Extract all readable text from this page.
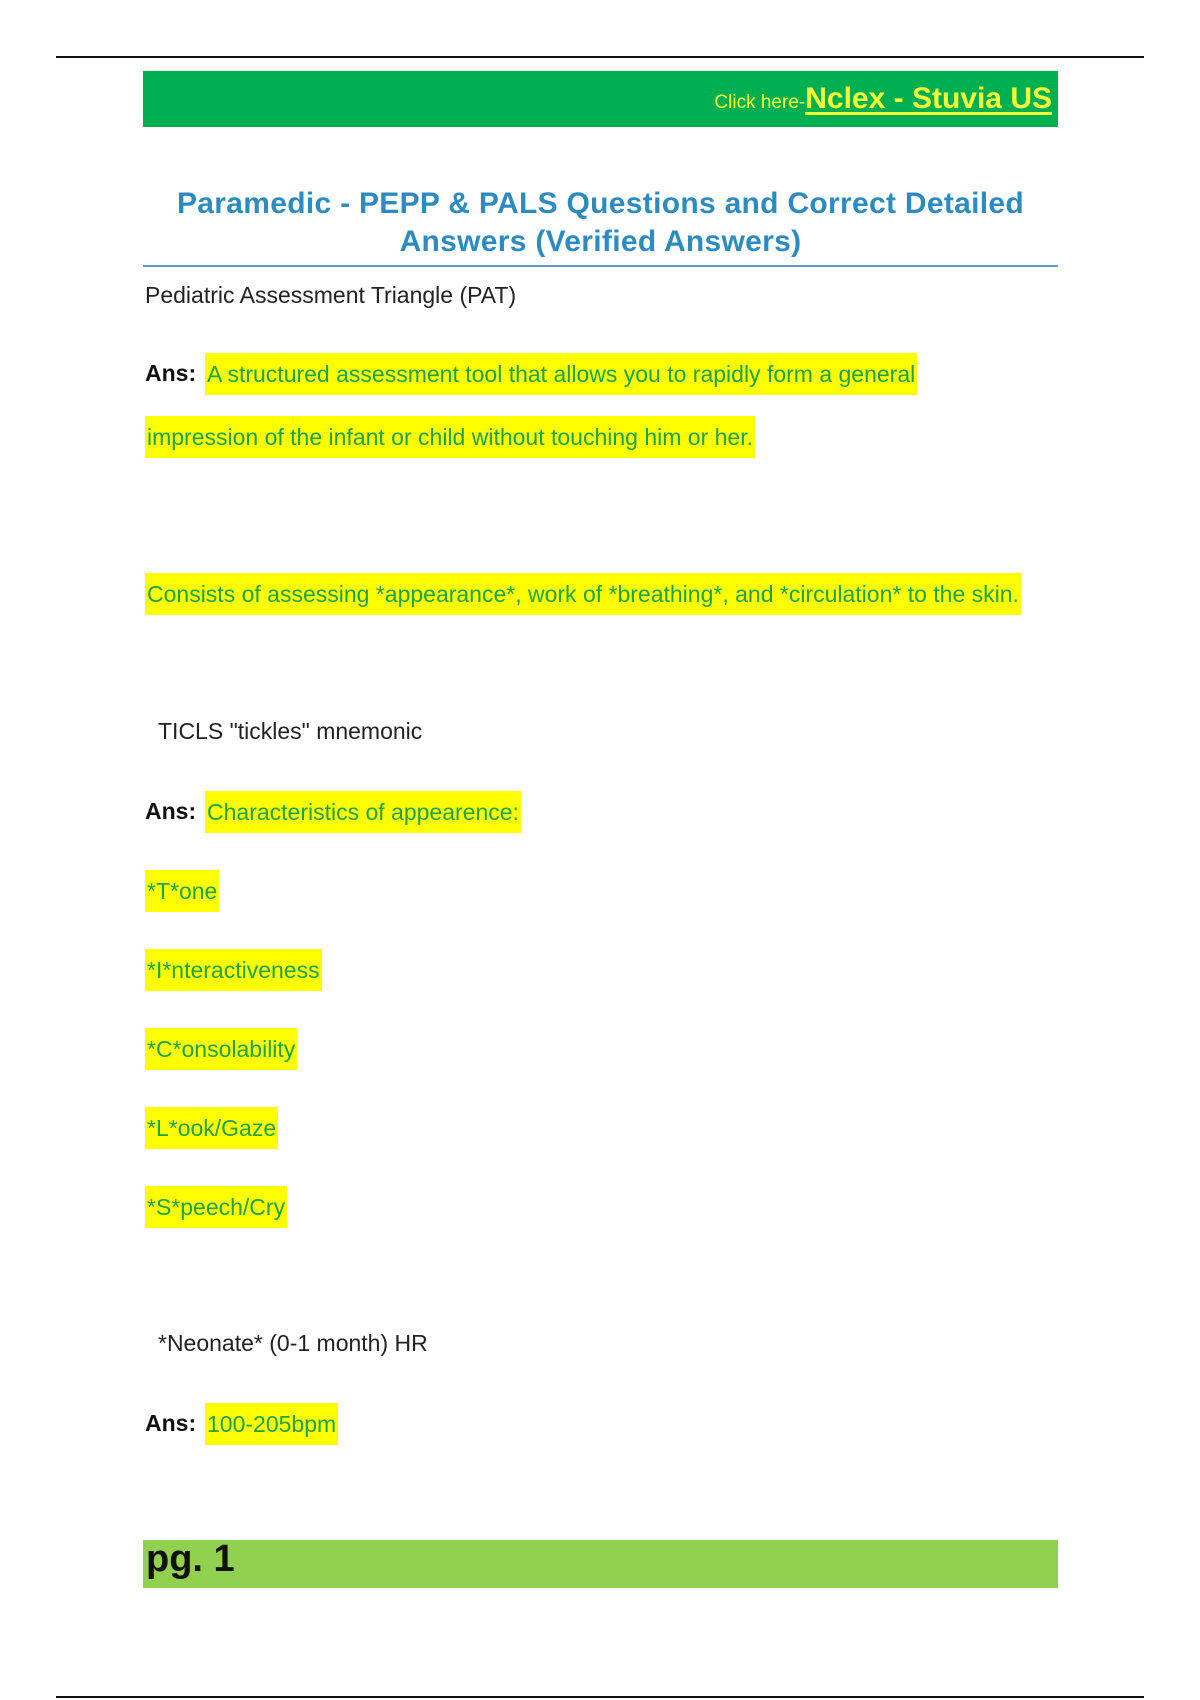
Click here- Nclex - Stuvia US
Paramedic - PEPP & PALS Questions and Correct Detailed
Answers (Verified Answers)
Pediatric Assessment Triangle (PAT)
Ans: A structured assessment tool that allows you to rapidly form a general
impression of the infant or child without touching him or her.
Consists of assessing *appearance*, work of *breathing*, and *circulation* to the skin.
TICLS "tickles" mnemonic
Ans: Characteristics of appearence:
*T*one
*I*nteractiveness
*C*onsolability
*L*ook/Gaze
*S*peech/Cry
*Neonate* (0-1 month) HR
Ans: 100-205bpm
pg. 1
